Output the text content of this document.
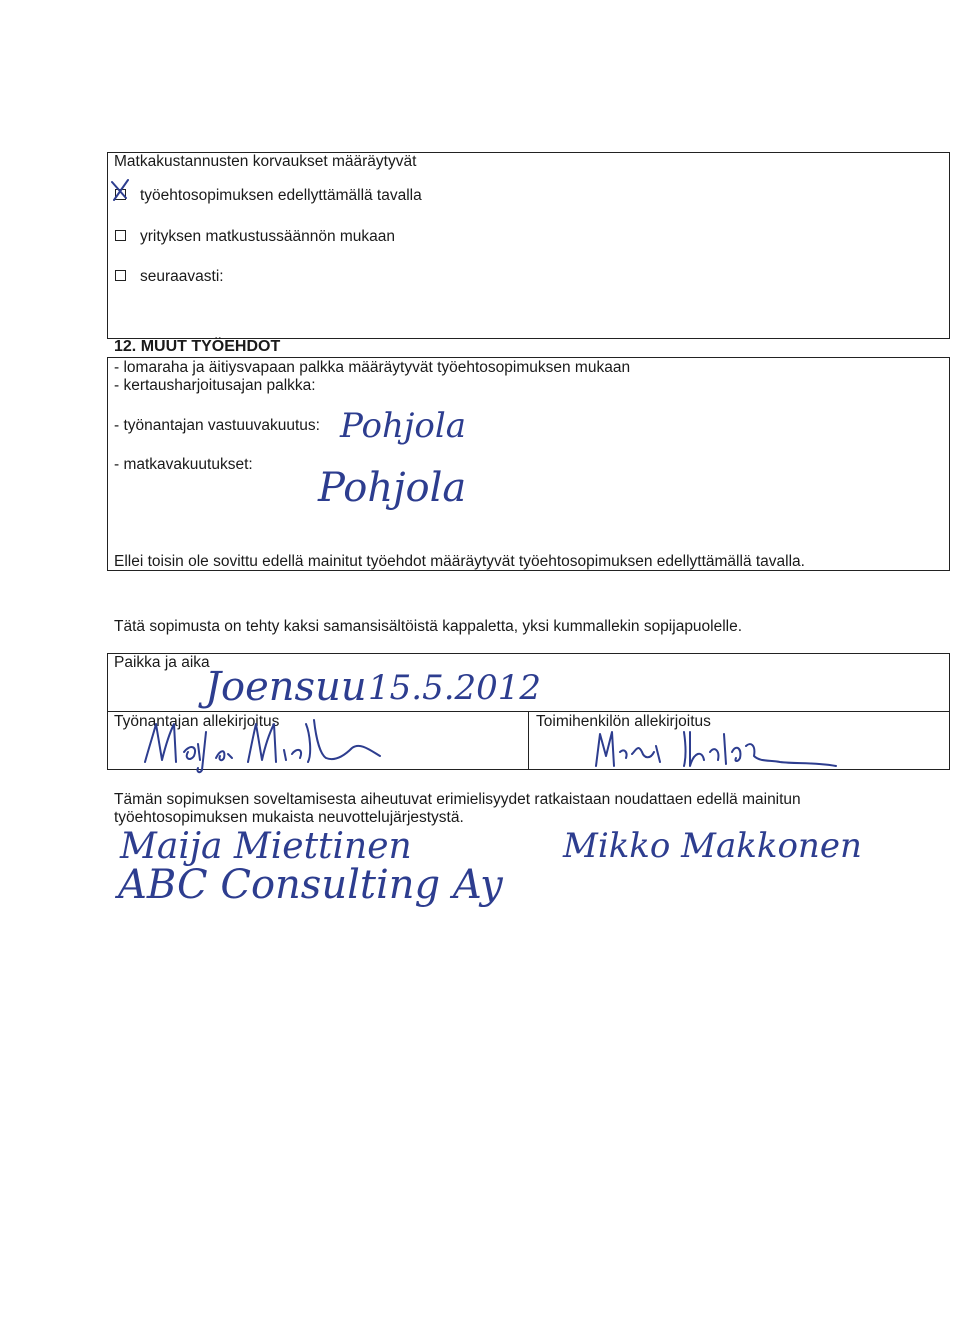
Matkakustannusten korvaukset määräytyvät
työehtosopimuksen edellyttämällä tavalla
yrityksen matkustussäännön mukaan
seuraavasti:
12. MUUT TYÖEHDOT
- lomaraha ja äitiysvapaan palkka määräytyvät työehtosopimuksen mukaan
- kertausharjoitusajan palkka:
- työnantajan vastuuvakuutus:
- matkavakuutukset:
Pohjola
Pohjola
Ellei toisin ole sovittu edellä mainitut työehdot määräytyvät työehtosopimuksen edellyttämällä tavalla.
Tätä sopimusta on tehty kaksi samansisältöistä kappaletta, yksi kummallekin sopijapuolelle.
Paikka ja aika
Joensuu 15.5.2012
Työnantajan allekirjoitus	Toimihenkilön allekirjoitus
Tämän sopimuksen soveltamisesta aiheutuvat erimielisyydet ratkaistaan noudattaen edellä mainitun
työehtosopimuksen mukaista neuvottelujärjestystä.
Maija Miettinen
ABC Consulting Ay
Mikko Makkonen
